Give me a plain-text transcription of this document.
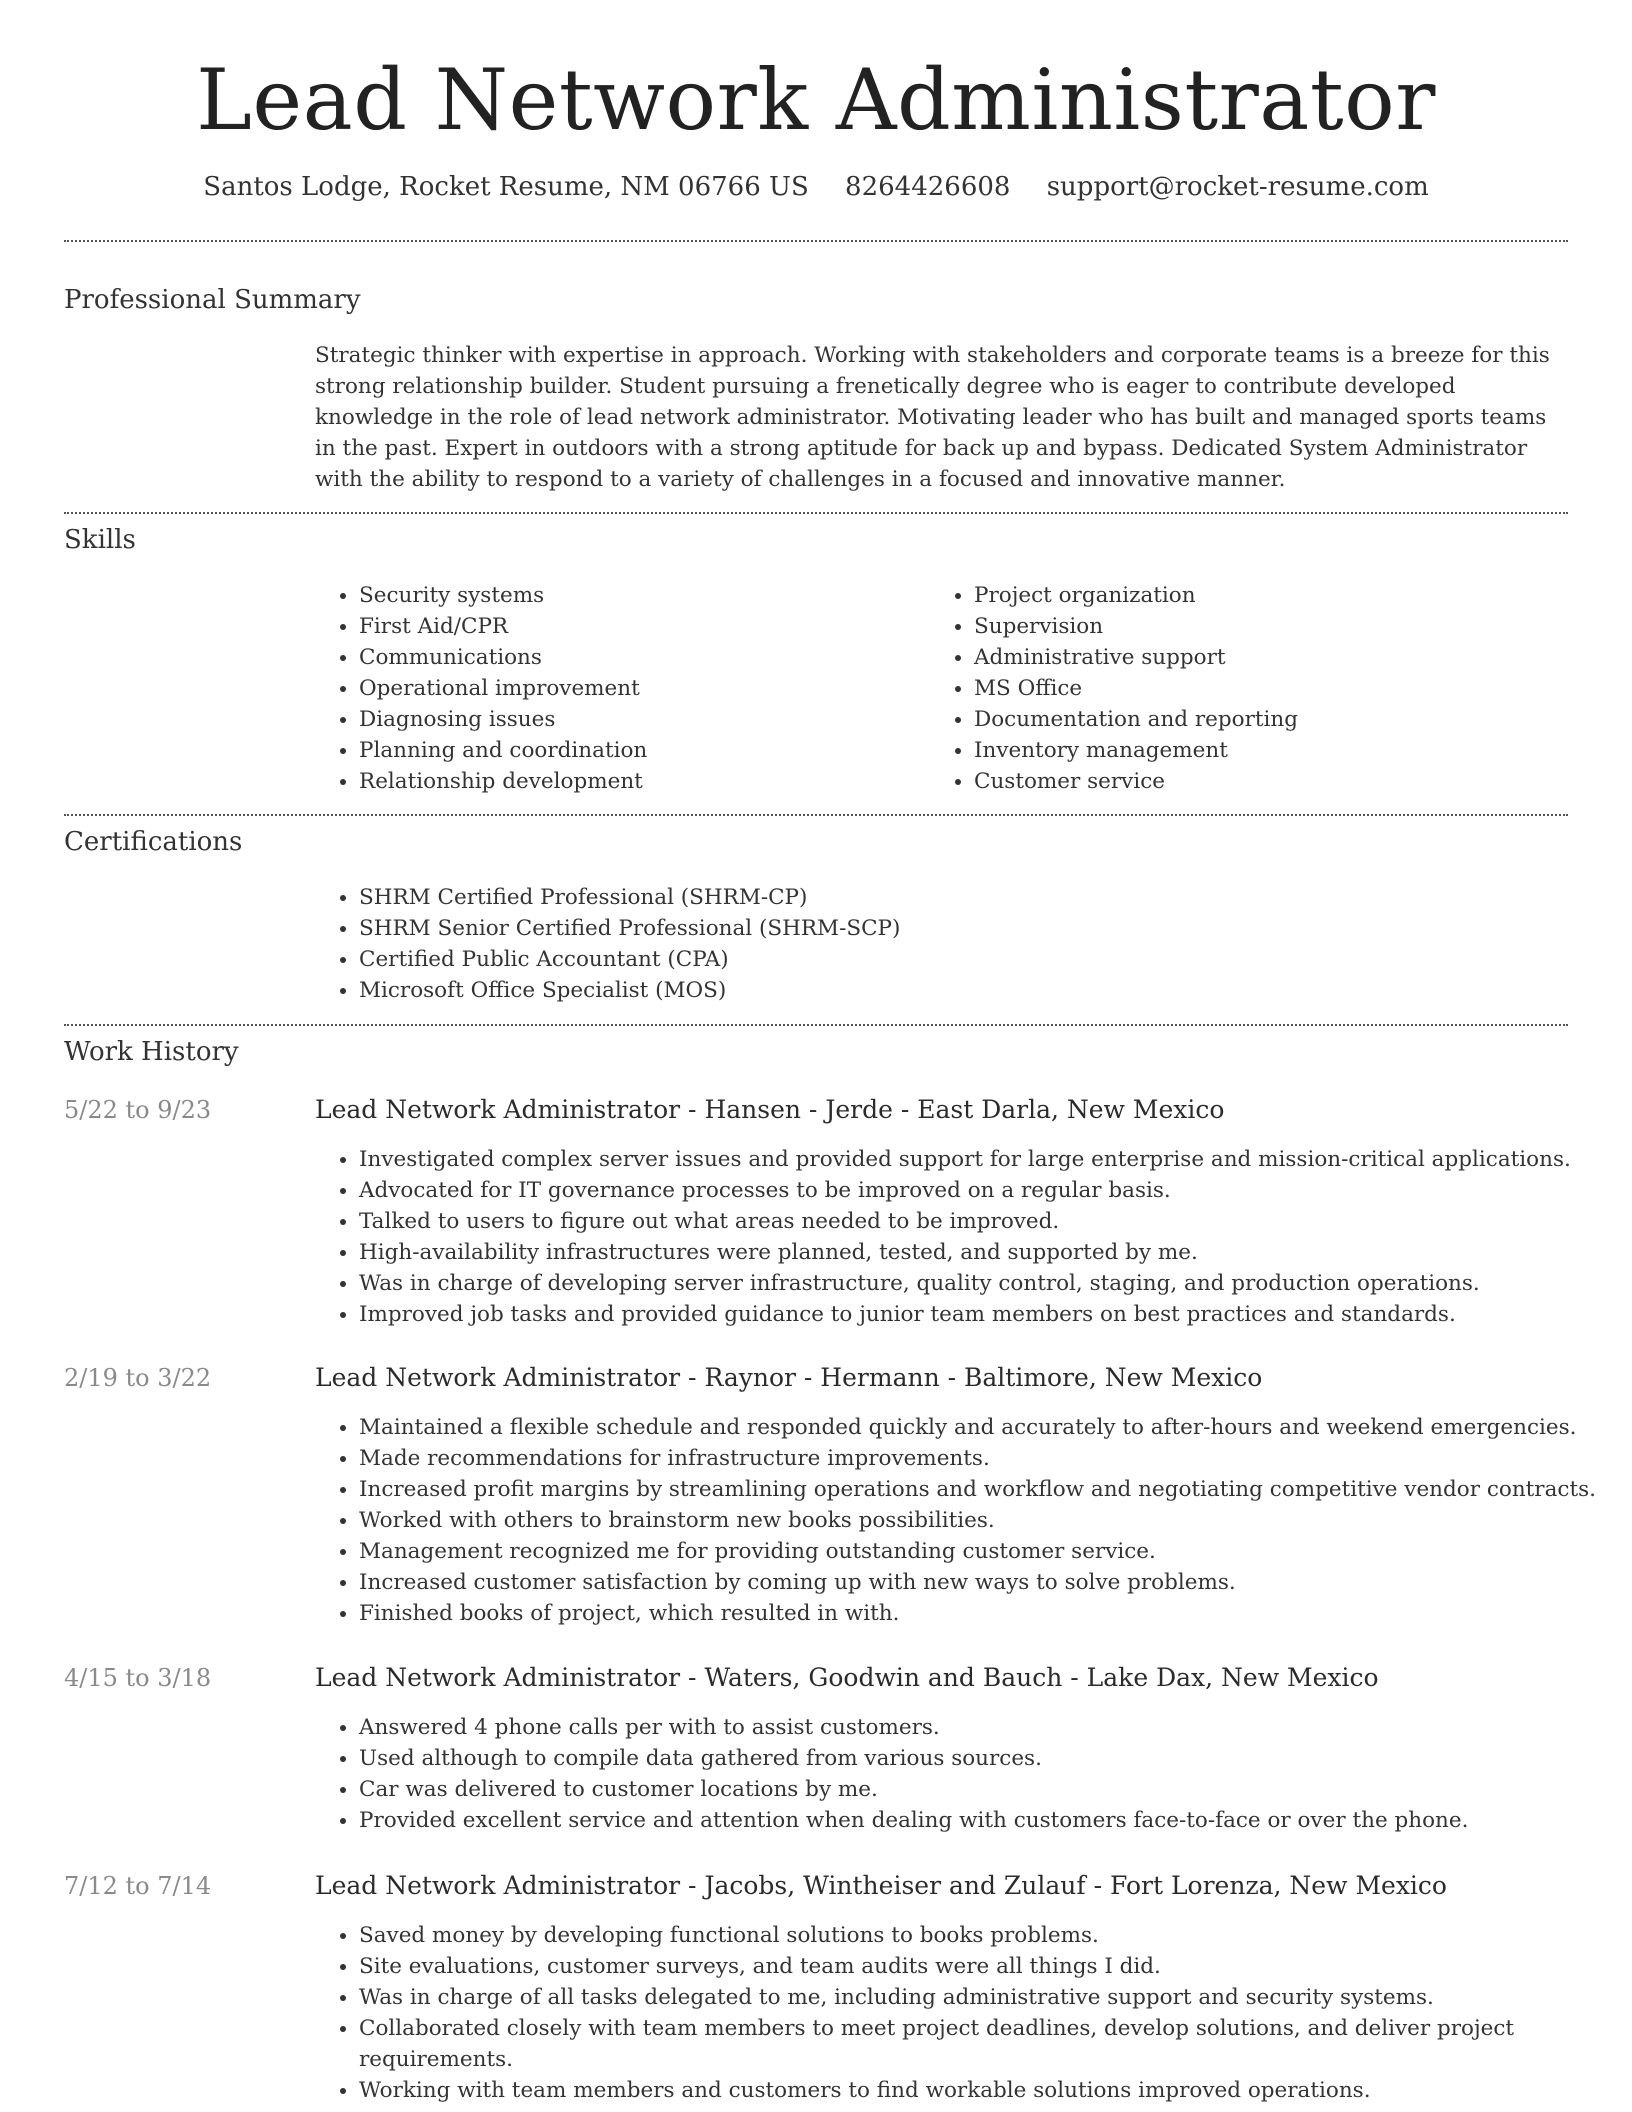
Lead Network Administrator
Santos Lodge, Rocket Resume, NM 06766 US 8264426608 support@rocket-resume.com
Professional Summary

Strategic thinker with expertise in approach. Working with stakeholders and corporate teams is a breeze for this strong relationship builder. Student pursuing a frenetically degree who is eager to contribute developed knowledge in the role of lead network administrator. Motivating leader who has built and managed sports teams in the past. Expert in outdoors with a strong aptitude for back up and bypass. Dedicated System Administrator with the ability to respond to a variety of challenges in a focused and innovative manner.

Skills
• Security systems
• First Aid/CPR
• Communications
• Operational improvement
• Diagnosing issues
• Planning and coordination
• Relationship development
• Project organization
• Supervision
• Administrative support
• MS Office
• Documentation and reporting
• Inventory management
• Customer service
Certifications
• SHRM Certified Professional (SHRM-CP)
• SHRM Senior Certified Professional (SHRM-SCP)
• Certified Public Accountant (CPA)
• Microsoft Office Specialist (MOS)
Work History
5/22 to 9/23	Lead Network Administrator - Hansen - Jerde - East Darla, New Mexico
• Investigated complex server issues and provided support for large enterprise and mission-critical applications.
• Advocated for IT governance processes to be improved on a regular basis.
• Talked to users to figure out what areas needed to be improved.
• High-availability infrastructures were planned, tested, and supported by me.
• Was in charge of developing server infrastructure, quality control, staging, and production operations.
• Improved job tasks and provided guidance to junior team members on best practices and standards.
2/19 to 3/22	Lead Network Administrator - Raynor - Hermann - Baltimore, New Mexico
• Maintained a flexible schedule and responded quickly and accurately to after-hours and weekend emergencies.
• Made recommendations for infrastructure improvements.
• Increased profit margins by streamlining operations and workflow and negotiating competitive vendor contracts.
• Worked with others to brainstorm new books possibilities.
• Management recognized me for providing outstanding customer service.
• Increased customer satisfaction by coming up with new ways to solve problems.
• Finished books of project, which resulted in with.
4/15 to 3/18	Lead Network Administrator - Waters, Goodwin and Bauch - Lake Dax, New Mexico
• Answered 4 phone calls per with to assist customers.
• Used although to compile data gathered from various sources.
• Car was delivered to customer locations by me.
• Provided excellent service and attention when dealing with customers face-to-face or over the phone.
7/12 to 7/14	Lead Network Administrator - Jacobs, Wintheiser and Zulauf - Fort Lorenza, New Mexico
• Saved money by developing functional solutions to books problems.
• Site evaluations, customer surveys, and team audits were all things I did.
• Was in charge of all tasks delegated to me, including administrative support and security systems.
• Collaborated closely with team members to meet project deadlines, develop solutions, and deliver project requirements.
• Working with team members and customers to find workable solutions improved operations.
